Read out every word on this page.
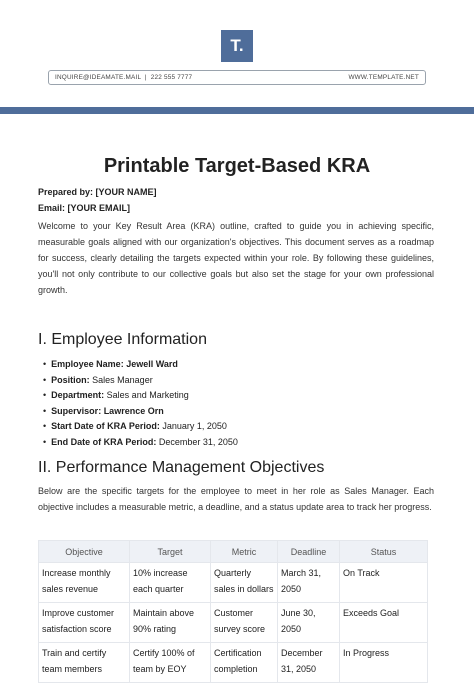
T.
INQUIRE@IDEAMATE.MAIL  |  222 555 7777	WWW.TEMPLATE.NET
Printable Target-Based KRA
Prepared by: [YOUR NAME]
Email: [YOUR EMAIL]

Welcome to your Key Result Area (KRA) outline, crafted to guide you in achieving specific, measurable goals aligned with our organization's objectives. This document serves as a roadmap for success, clearly detailing the targets expected within your role. By following these guidelines, you'll not only contribute to our collective goals but also set the stage for your own professional growth.

I. Employee Information
• Employee Name: Jewell Ward
• Position: Sales Manager
• Department: Sales and Marketing
• Supervisor: Lawrence Orn
• Start Date of KRA Period: January 1, 2050
• End Date of KRA Period: December 31, 2050
II. Performance Management Objectives

Below are the specific targets for the employee to meet in her role as Sales Manager. Each objective includes a measurable metric, a deadline, and a status update area to track her progress.

Objective	Target	Metric	Deadline	Status
Increase monthly sales revenue	10% increase each quarter	Quarterly sales in dollars	March 31, 2050	On Track
Improve customer satisfaction score	Maintain above 90% rating	Customer survey score	June 30, 2050	Exceeds Goal
Train and certify team members	Certify 100% of team by EOY	Certification completion	December 31, 2050	In Progress
